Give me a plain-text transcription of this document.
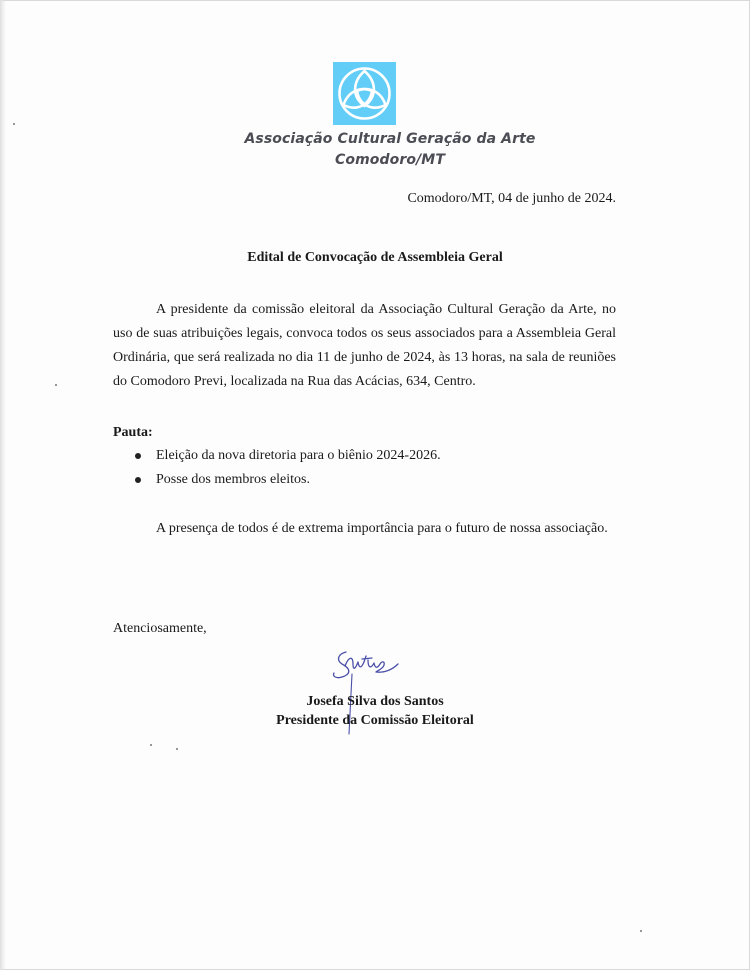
Associação Cultural Geração da Arte
Comodoro/MT
Comodoro/MT, 04 de junho de 2024.
Edital de Convocação de Assembleia Geral

A presidente da comissão eleitoral da Associação Cultural Geração da Arte, no uso de suas atribuições legais, convoca todos os seus associados para a Assembleia Geral Ordinária, que será realizada no dia 11 de junho de 2024, às 13 horas, na sala de reuniões do Comodoro Previ, localizada na Rua das Acácias, 634, Centro.

Pauta:
Eleição da nova diretoria para o biênio 2024-2026.
Posse dos membros eleitos.
A presença de todos é de extrema importância para o futuro de nossa associação.
Atenciosamente,
Josefa Silva dos Santos
Presidente da Comissão Eleitoral
